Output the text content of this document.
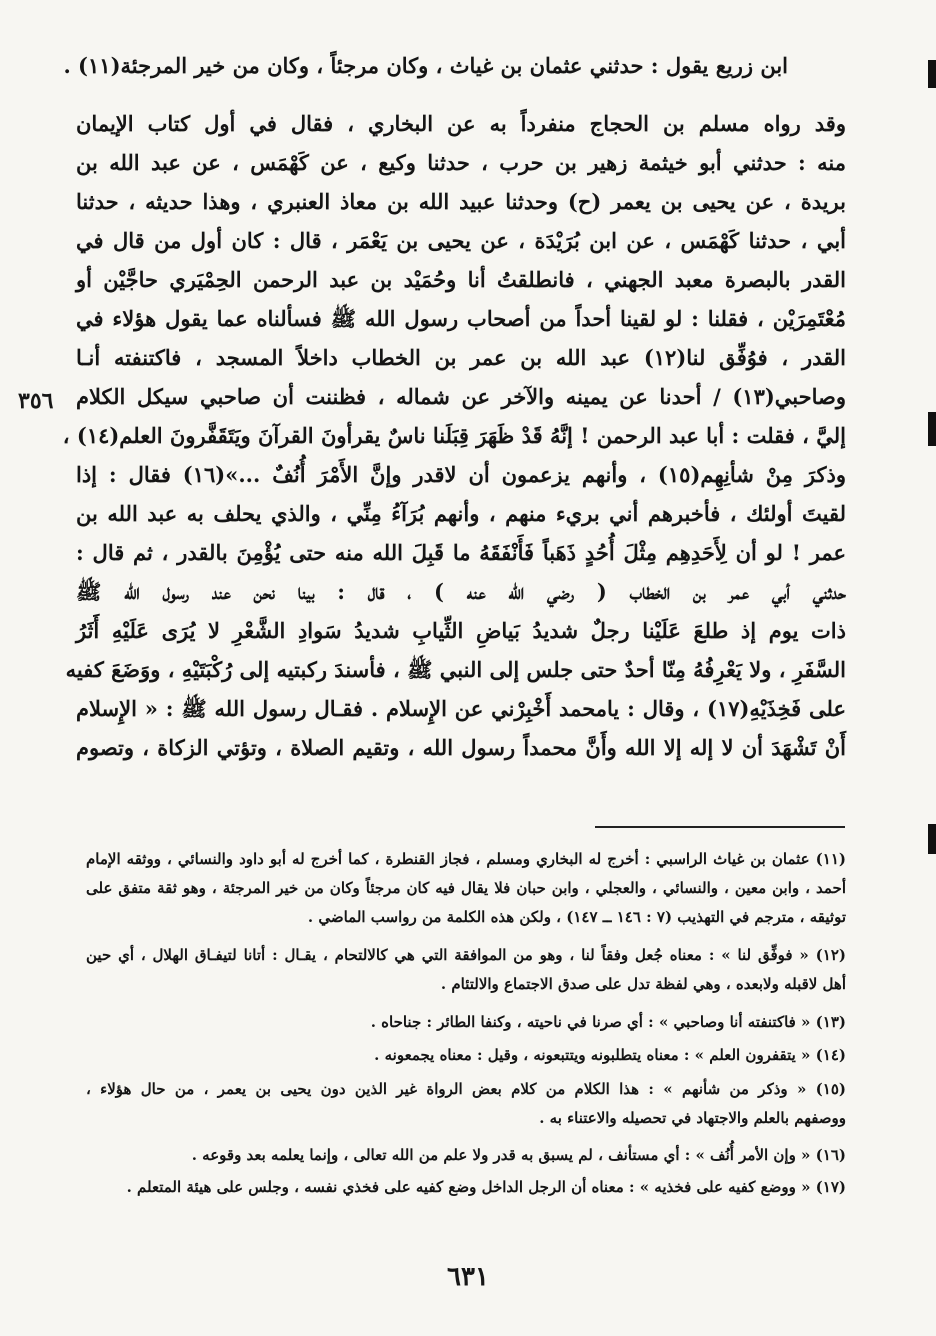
ابن زريع يقول : حدثني عثمان بن غياث ، وكان مرجئاً ، وكان من خير المرجئة(١١) .
وقد رواه مسلم بن الحجاج منفرداً به عن البخاري ، فقال في أول كتاب الإيمان
منه : حدثني أبو خيثمة زهير بن حرب ، حدثنا وكيع ، عن كَهْمَس ، عن عبد الله بن
بريدة ، عن يحيى بن يعمر (ح) وحدثنا عبيد الله بن معاذ العنبري ، وهذا حديثه ، حدثنا
أبي ، حدثنا كَهْمَس ، عن ابن بُرَيْدَة ، عن يحيى بن يَعْمَر ، قال : كان أول من قال في
القدر بالبصرة معبد الجهني ، فانطلقتُ أنا وحُمَيْد بن عبد الرحمن الحِمْيَري حاجَّيْن أو
مُعْتَمِرَيْن ، فقلنا : لو لقينا أحداً من أصحاب رسول الله ﷺ فسألناه عما يقول هؤلاء في
القدر ، فوُفِّق لنا(١٢) عبد الله بن عمر بن الخطاب داخلاً المسجد ، فاكتنفته أنـا
وصاحبي(١٣) / أحدنا عن يمينه والآخر عن شماله ، فظننت أن صاحبي سيكل الكلام
إليَّ ، فقلت : أبا عبد الرحمن ! إنَّهُ قَدْ ظَهَرَ قِبَلَنا ناسٌ يقرأونَ القرآنَ ويَتَقَفَّرونَ العلم(١٤) ،
وذكرَ مِنْ شأنِهِم(١٥) ، وأنهم يزعمون أن لاقدر وإنَّ الأَمْرَ أُنُفٌ ...»(١٦) فقال : إذا
لقيتَ أولئك ، فأخبرهم أني بريء منهم ، وأنهم بُرَآءُ مِنِّي ، والذي يحلف به عبد الله بن
عمر ! لو أن لِأَحَدِهِم مِثْلَ أُحُدٍ ذَهَباً فَأَنْفَقَهُ ما قَبِلَ الله منه حتى يُؤْمِنَ بالقدر ، ثم قال :
حدثني أبي عمر بن الخطاب ( رضي الله عنه ) ، قال : بينا نحن عند رسول الله ﷺ
ذات يوم إذ طلعَ عَلَيْنا رجلٌ شديدُ بَياضِ الثِّيابِ شديدُ سَوادِ الشَّعْرِ لا يُرَى عَلَيْهِ أَثَرُ
السَّفَرِ ، ولا يَعْرِفُهُ مِنّا أحدٌ حتى جلس إلى النبي ﷺ ، فأسندَ ركبتيه إلى رُكْبَتَيْهِ ، ووَضَعَ كفيه
على فَخِذَيْهِ(١٧) ، وقال : يامحمد أَخْبِرْني عن الإِسلام . فقـال رسول الله ﷺ : « الإِسلام
أَنْ تَشْهَدَ أن لا إله إلا الله وأَنَّ محمداً رسول الله ، وتقيم الصلاة ، وتؤتي الزكاة ، وتصوم
٣٥٦
(١١) عثمان بن غياث الراسبي : أخرج له البخاري ومسلم ، فجاز القنطرة ، كما أخرج له أبو داود والنسائي ، ووثقه الإمام
أحمد ، وابن معين ، والنسائي ، والعجلي ، وابن حبان فلا يقال فيه كان مرجئاً وكان من خير المرجئة ، وهو ثقة متفق على
توثيقه ، مترجم في التهذيب (٧ : ١٤٦ ــ ١٤٧) ، ولكن هذه الكلمة من رواسب الماضي .
(١٢) « فوفِّق لنا » : معناه جُعل وفقاً لنا ، وهو من الموافقة التي هي كالالتحام ، يقـال : أتانا لتيفـاق الهلال ، أي حين
أهل لاقبله ولابعده ، وهي لفظة تدل على صدق الاجتماع والالتئام .
(١٣) « فاكتنفته أنا وصاحبي » : أي صرنا في ناحيته ، وكنفا الطائر : جناحاه .
(١٤) « يتقفرون العلم » : معناه يتطلبونه ويتتبعونه ، وقيل : معناه يجمعونه .
(١٥) « وذكر من شأنهم » : هذا الكلام من كلام بعض الرواة غير الذين دون يحيى بن يعمر ، من حال هؤلاء ،
ووصفهم بالعلم والاجتهاد في تحصيله والاعتناء به .
(١٦) « وإن الأمر أُنُف » : أي مستأنف ، لم يسبق به قدر ولا علم من الله تعالى ، وإنما يعلمه بعد وقوعه .
(١٧) « ووضع كفيه على فخذيه » : معناه أن الرجل الداخل وضع كفيه على فخذي نفسه ، وجلس على هيئة المتعلم .
٦٣١
